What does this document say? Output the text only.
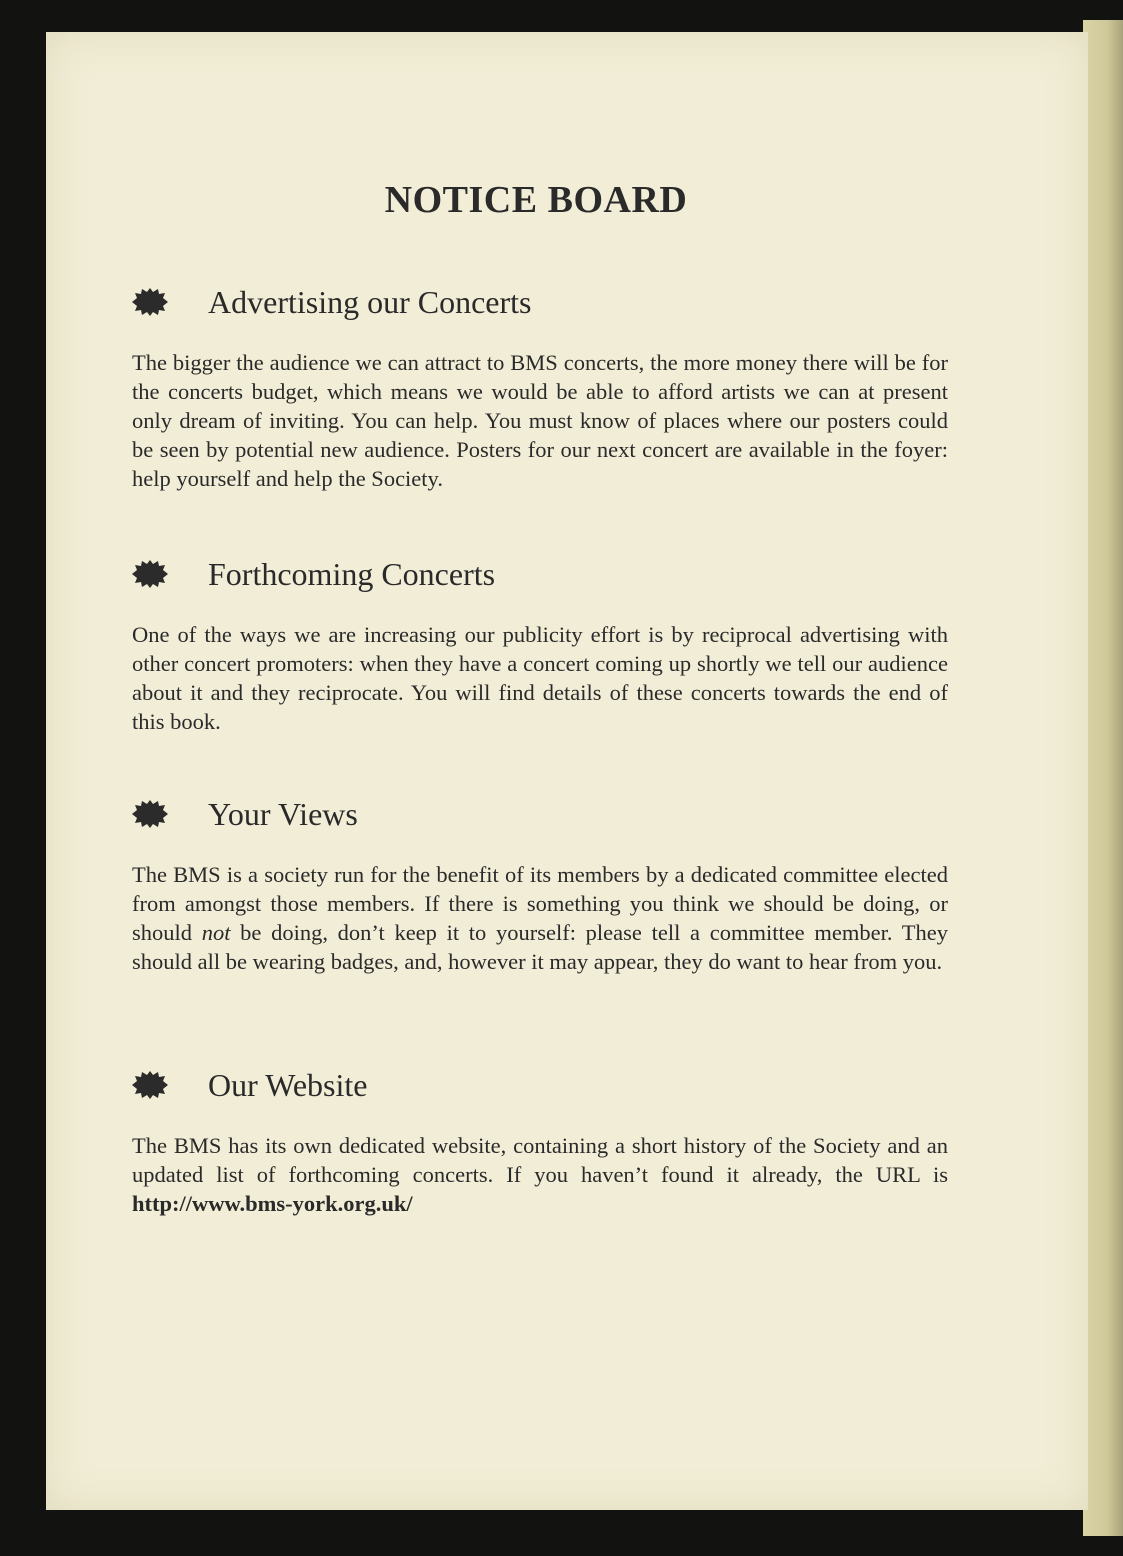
NOTICE BOARD
Advertising our Concerts

The bigger the audience we can attract to BMS concerts, the more money there will be for the concerts budget, which means we would be able to afford artists we can at present only dream of inviting. You can help. You must know of places where our posters could be seen by potential new audience. Posters for our next concert are available in the foyer: help yourself and help the Society.

Forthcoming Concerts

One of the ways we are increasing our publicity effort is by reciprocal advertising with other concert promoters: when they have a concert coming up shortly we tell our audience about it and they reciprocate. You will find details of these concerts towards the end of this book.

Your Views

The BMS is a society run for the benefit of its members by a dedicated committee elected from amongst those members. If there is something you think we should be doing, or should not be doing, don’t keep it to yourself: please tell a committee member. They should all be wearing badges, and, however it may appear, they do want to hear from you.

Our Website

The BMS has its own dedicated website, containing a short history of the Society and an updated list of forthcoming concerts. If you haven’t found it already, the URL is http://www.bms-york.org.uk/
